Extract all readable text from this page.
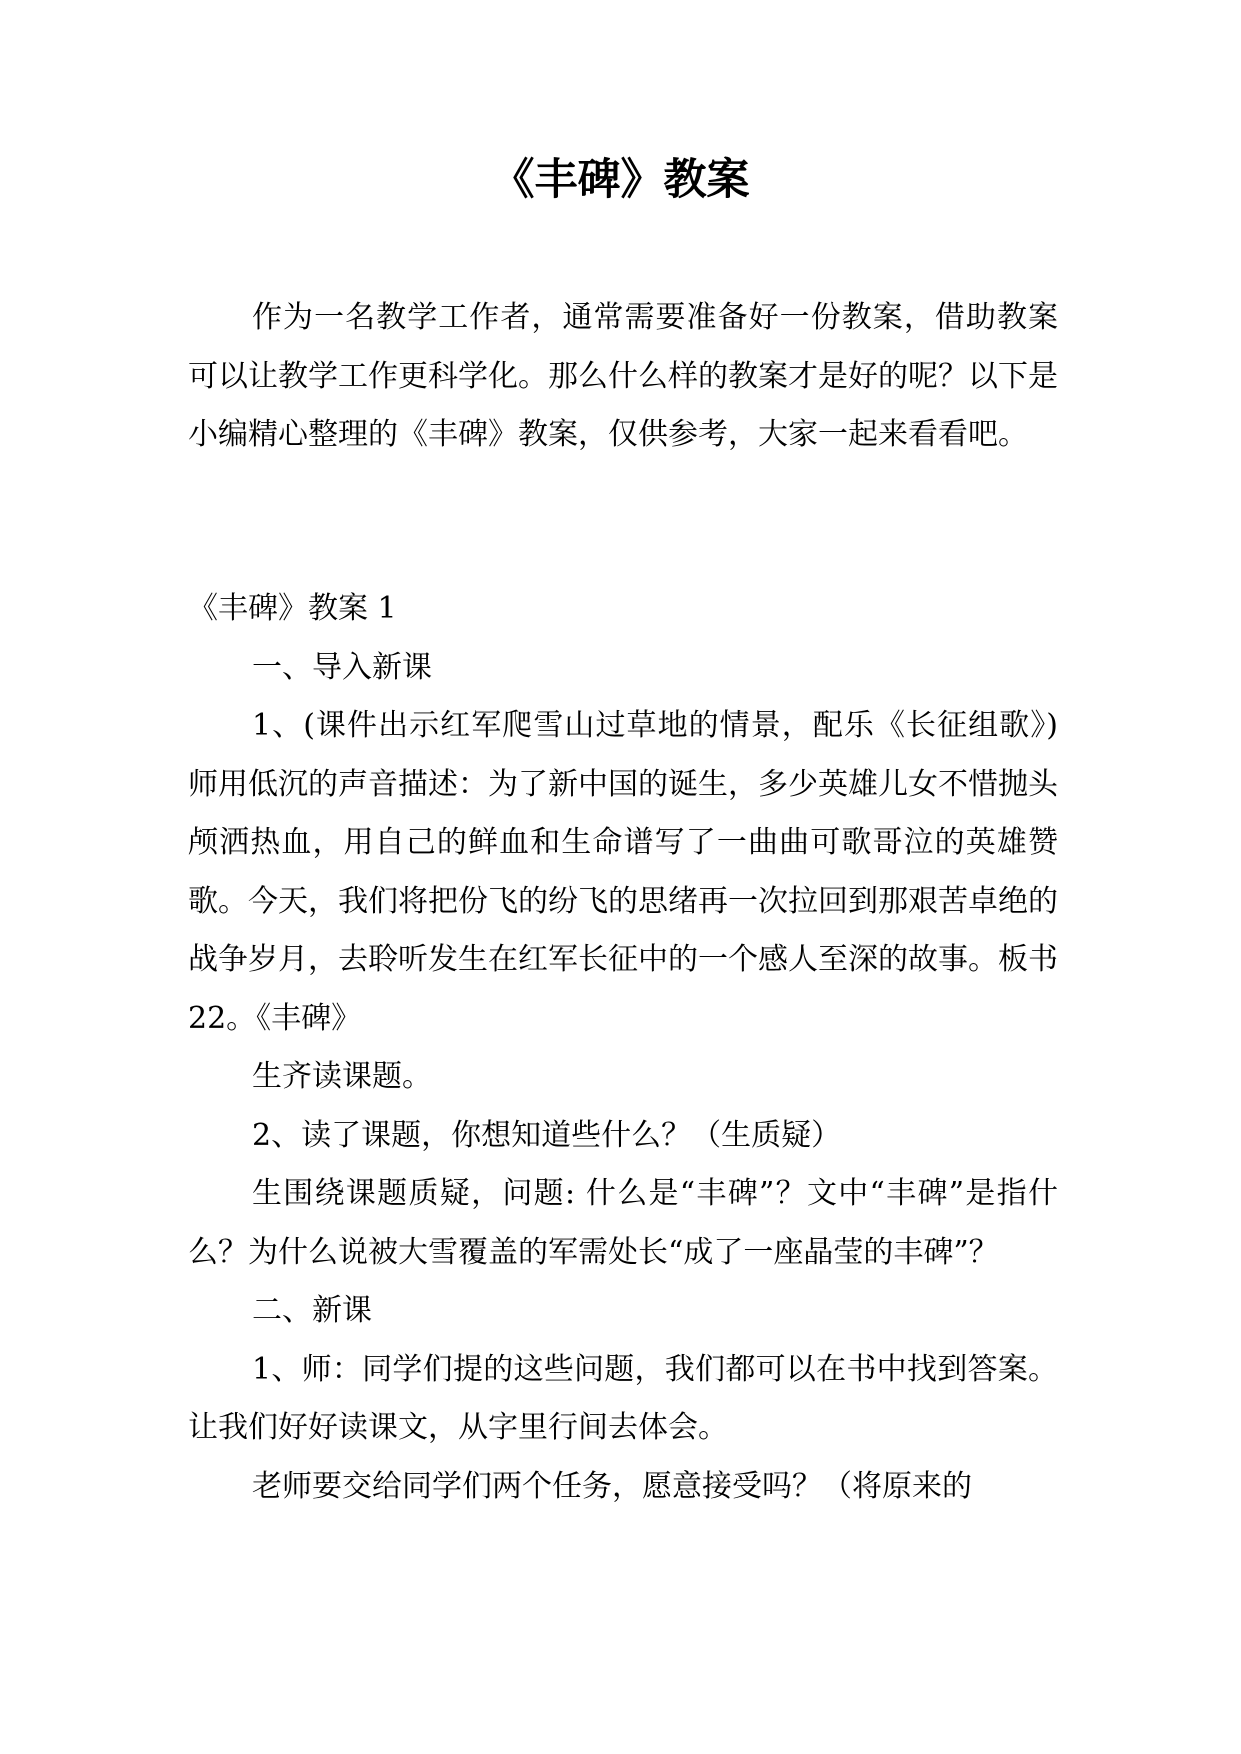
《丰碑》教案

作为一名教学工作者，通常需要准备好一份教案，借助教案可以让教学工作更科学化。那么什么样的教案才是好的呢？以下是小编精心整理的《丰碑》教案，仅供参考，大家一起来看看吧。

《丰碑》教案 1

一、导入新课

1、(课件出示红军爬雪山过草地的情景，配乐《长征组歌》) 师用低沉的声音描述：为了新中国的诞生，多少英雄儿女不惜抛头颅洒热血，用自己的鲜血和生命谱写了一曲曲可歌哥泣的英雄赞歌。今天，我们将把份飞的纷飞的思绪再一次拉回到那艰苦卓绝的战争岁月，去聆听发生在红军长征中的一个感人至深的故事。板书 22。《丰碑》

生齐读课题。

2、读了课题，你想知道些什么？（生质疑）

生围绕课题质疑，问题: 什么是“丰碑”？文中“丰碑”是指什么？为什么说被大雪覆盖的军需处长“成了一座晶莹的丰碑”？

二、新课

1、师：同学们提的这些问题，我们都可以在书中找到答案。让我们好好读课文，从字里行间去体会。

老师要交给同学们两个任务，愿意接受吗？（将原来的
